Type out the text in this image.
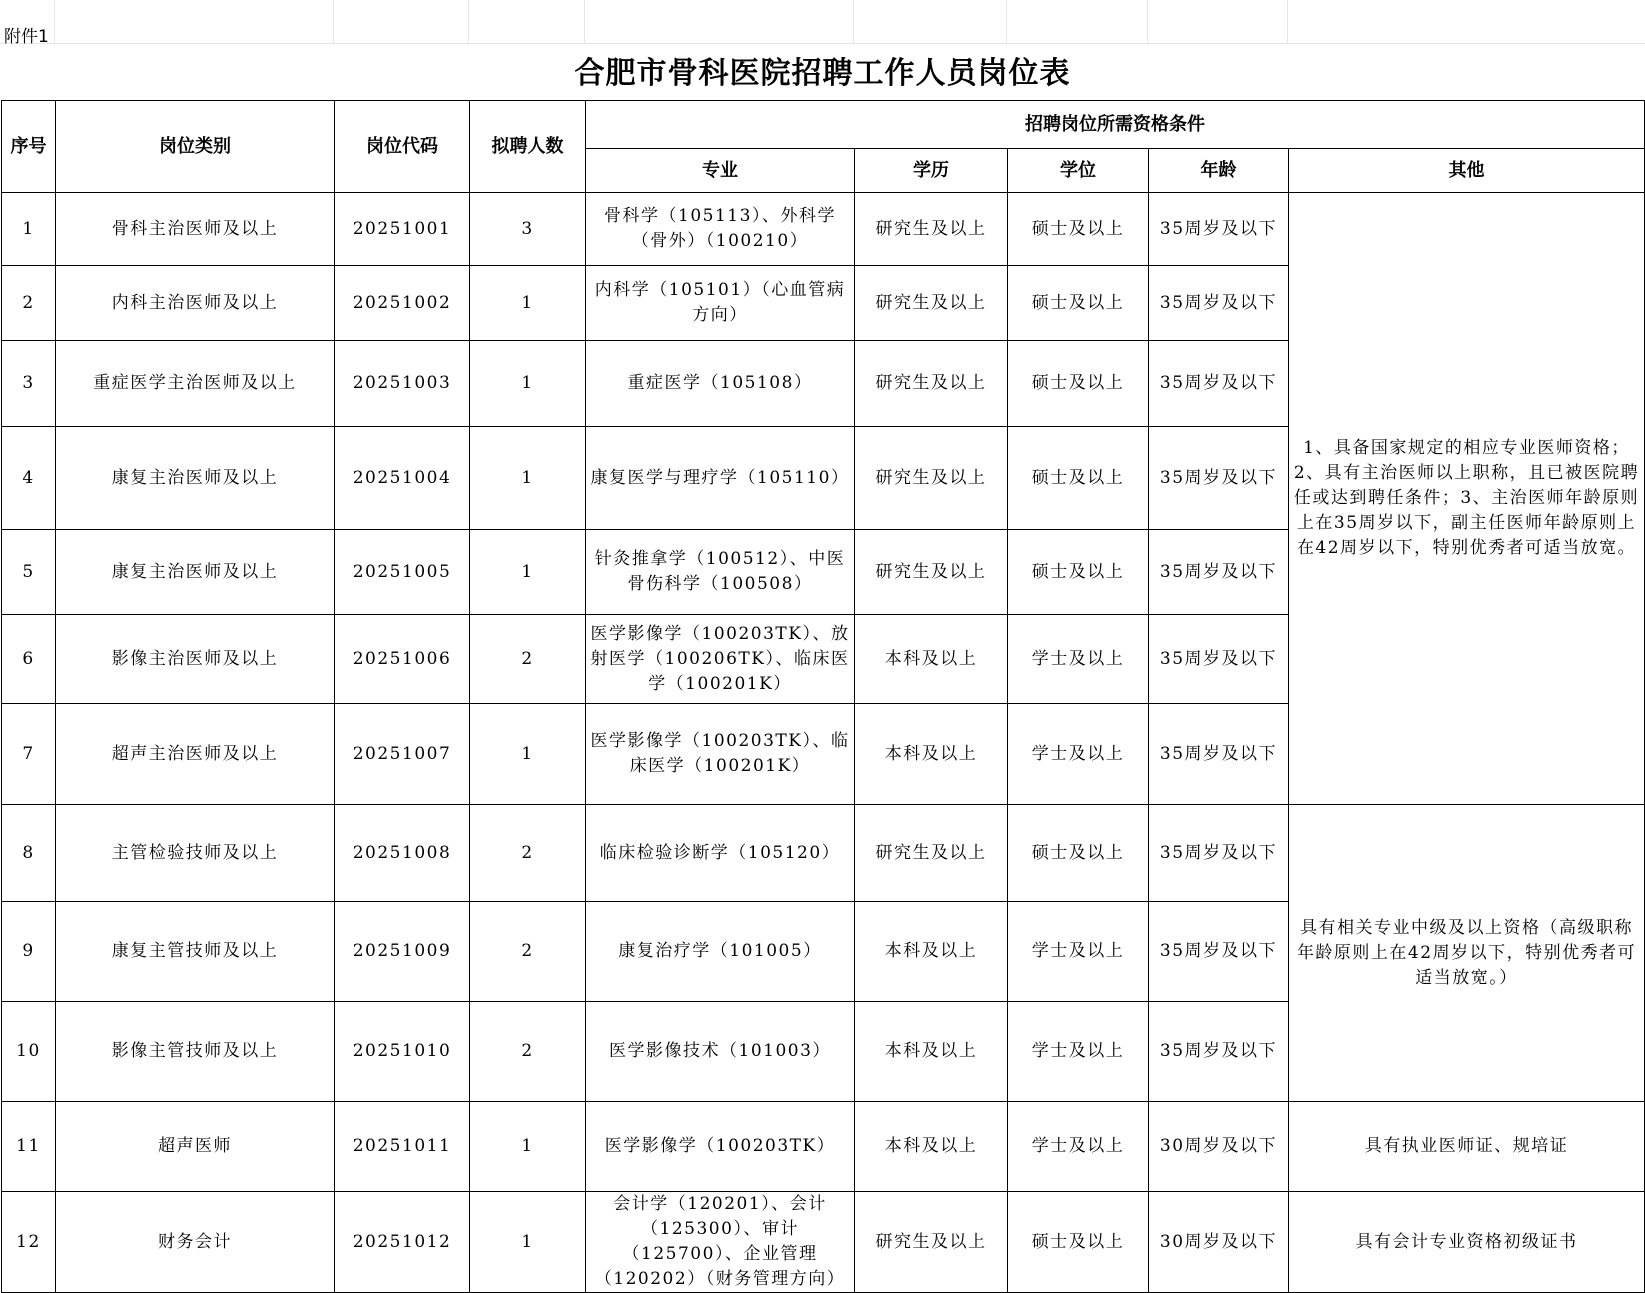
附件1
合肥市骨科医院招聘工作人员岗位表
序号	岗位类别	岗位代码	拟聘人数	招聘岗位所需资格条件				
				专业	学历	学位	年龄	其他
1	骨科主治医师及以上	20251001	3	骨科学（105113）、外科学（骨外）（100210）	研究生及以上	硕士及以上	35周岁及以下	1、具备国家规定的相应专业医师资格；2、具有主治医师以上职称，且已被医院聘任或达到聘任条件；3、主治医师年龄原则上在35周岁以下，副主任医师年龄原则上在42周岁以下，特别优秀者可适当放宽。
2	内科主治医师及以上	20251002	1	内科学（105101）（心血管病方向）	研究生及以上	硕士及以上	35周岁及以下	
3	重症医学主治医师及以上	20251003	1	重症医学（105108）	研究生及以上	硕士及以上	35周岁及以下	
4	康复主治医师及以上	20251004	1	康复医学与理疗学（105110）	研究生及以上	硕士及以上	35周岁及以下	
5	康复主治医师及以上	20251005	1	针灸推拿学（100512）、中医骨伤科学（100508）	研究生及以上	硕士及以上	35周岁及以下	
6	影像主治医师及以上	20251006	2	医学影像学（100203TK）、放射医学（100206TK）、临床医学（100201K）	本科及以上	学士及以上	35周岁及以下	
7	超声主治医师及以上	20251007	1	医学影像学（100203TK）、临床医学（100201K）	本科及以上	学士及以上	35周岁及以下	
8	主管检验技师及以上	20251008	2	临床检验诊断学（105120）	研究生及以上	硕士及以上	35周岁及以下	具有相关专业中级及以上资格（高级职称年龄原则上在42周岁以下，特别优秀者可适当放宽。）
9	康复主管技师及以上	20251009	2	康复治疗学（101005）	本科及以上	学士及以上	35周岁及以下	
10	影像主管技师及以上	20251010	2	医学影像技术（101003）	本科及以上	学士及以上	35周岁及以下	
11	超声医师	20251011	1	医学影像学（100203TK）	本科及以上	学士及以上	30周岁及以下	具有执业医师证、规培证
12	财务会计	20251012	1	会计学（120201）、会计（125300）、审计（125700）、企业管理（120202）（财务管理方向）	研究生及以上	硕士及以上	30周岁及以下	具有会计专业资格初级证书
